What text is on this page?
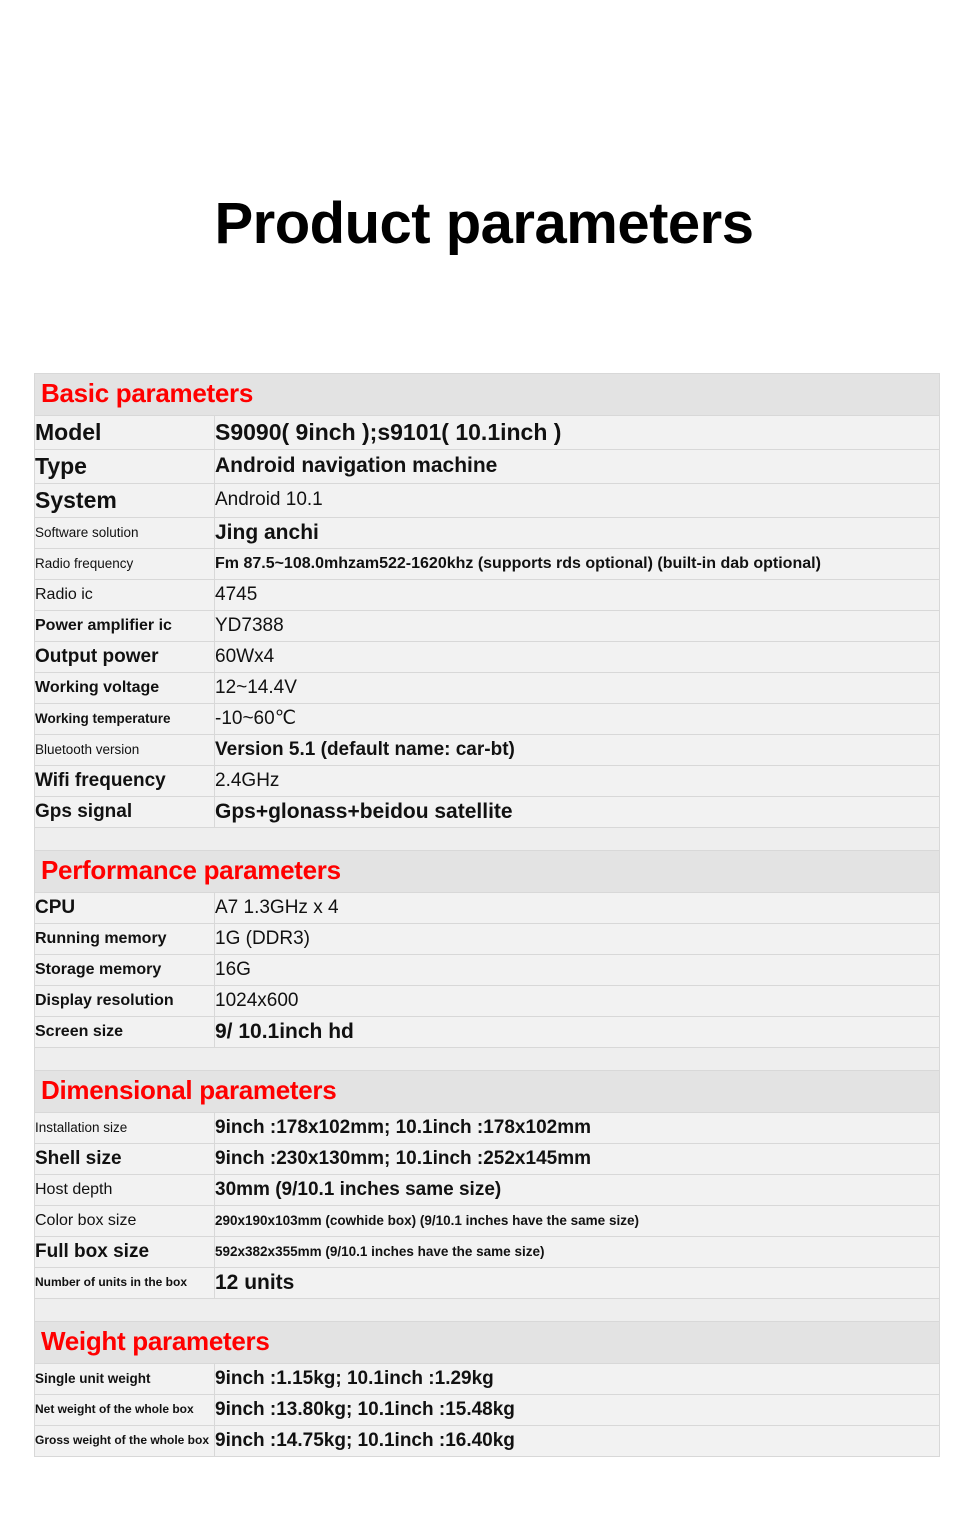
Product parameters
Basic parameters	
Model	S9090( 9inch );s9101( 10.1inch )
Type	Android navigation machine
System	Android 10.1
Software solution	Jing anchi
Radio frequency	Fm 87.5~108.0mhzam522-1620khz (supports rds optional) (built-in dab optional)
Radio ic	4745
Power amplifier ic	YD7388
Output power	60Wx4
Working voltage	12~14.4V
Working temperature	-10~60℃
Bluetooth version	Version 5.1 (default name: car-bt)
Wifi frequency	2.4GHz
Gps signal	Gps+glonass+beidou satellite

Performance parameters	
CPU	A7 1.3GHz x 4
Running memory	1G (DDR3)
Storage memory	16G
Display resolution	1024x600
Screen size	9/ 10.1inch hd

Dimensional parameters	
Installation size	9inch :178x102mm; 10.1inch :178x102mm
Shell size	9inch :230x130mm; 10.1inch :252x145mm
Host depth	30mm (9/10.1 inches same size)
Color box size	290x190x103mm (cowhide box) (9/10.1 inches have the same size)
Full box size	592x382x355mm (9/10.1 inches have the same size)
Number of units in the box	12 units

Weight parameters	
Single unit weight	9inch :1.15kg; 10.1inch :1.29kg
Net weight of the whole box	9inch :13.80kg; 10.1inch :15.48kg
Gross weight of the whole box	9inch :14.75kg; 10.1inch :16.40kg
